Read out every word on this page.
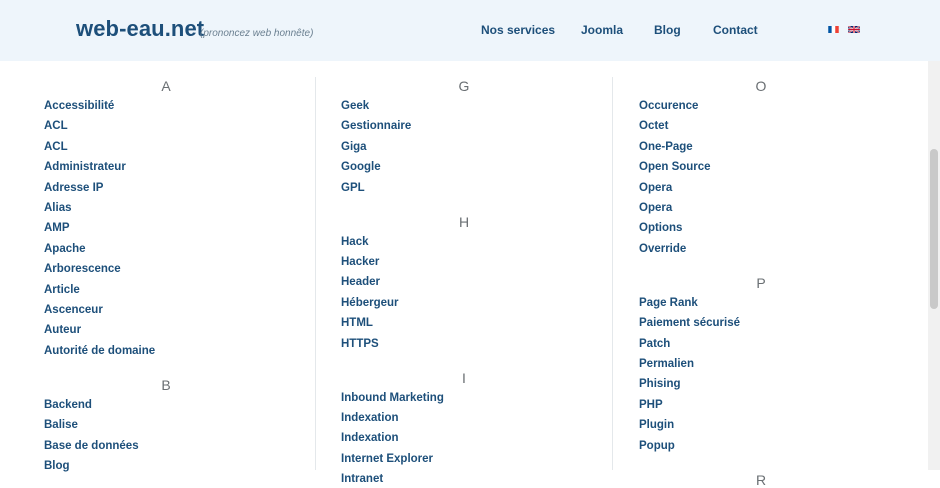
web-eau.net
(prononcez web honnête)	Nos services Joomla	Blog	Contact
A
Accessibilité
ACL
ACL
Administrateur
Adresse IP
Alias
AMP
Apache
Arborescence
Article
Ascenceur
Auteur
Autorité de domaine
B
Backend
Balise
Base de données
Blog
G
Geek
Gestionnaire
Giga
Google
GPL
H
Hack
Hacker
Header
Hébergeur
HTML
HTTPS
I
Inbound Marketing
Indexation
Indexation
Internet Explorer
Intranet
O
Occurence
Octet
One-Page
Open Source
Opera
Opera
Options
Override
P
Page Rank
Paiement sécurisé
Patch
Permalien
Phising
PHP
Plugin
Popup
R
